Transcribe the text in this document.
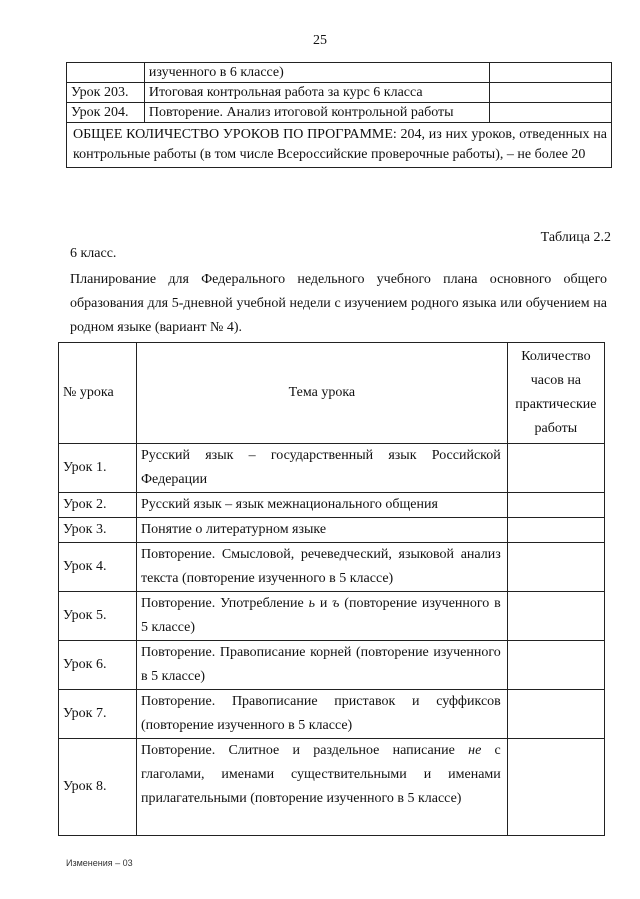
25
	изученного в 6 классе)	
Урок 203.	Итоговая контрольная работа за курс 6 класса	
Урок 204.	Повторение. Анализ итоговой контрольной работы	
ОБЩЕЕ КОЛИЧЕСТВО УРОКОВ ПО ПРОГРАММЕ: 204, из них уроков, отведенных на контрольные работы (в том числе Всероссийские проверочные работы), – не более 20		
Таблица 2.2
6 класс.
Планирование для Федерального недельного учебного плана основного общего образования для 5-дневной учебной недели с изучением родного языка или обучением на родном языке (вариант № 4).
№ урока	Тема урока	Количество часов на практические работы
Урок 1.	Русский язык – государственный язык Российской Федерации	
Урок 2.	Русский язык – язык межнационального общения	
Урок 3.	Понятие о литературном языке	
Урок 4.	Повторение. Смысловой, речеведческий, языковой анализ текста (повторение изученного в 5 классе)	
Урок 5.	Повторение. Употребление ь и ъ (повторение изученного в 5 классе)	
Урок 6.	Повторение. Правописание корней (повторение изученного в 5 классе)	
Урок 7.	Повторение. Правописание приставок и суффиксов (повторение изученного в 5 классе)	
Урок 8.	Повторение. Слитное и раздельное написание не с глаголами, именами существительными и именами прилагательными (повторение изученного в 5 классе)	
Изменения – 03
